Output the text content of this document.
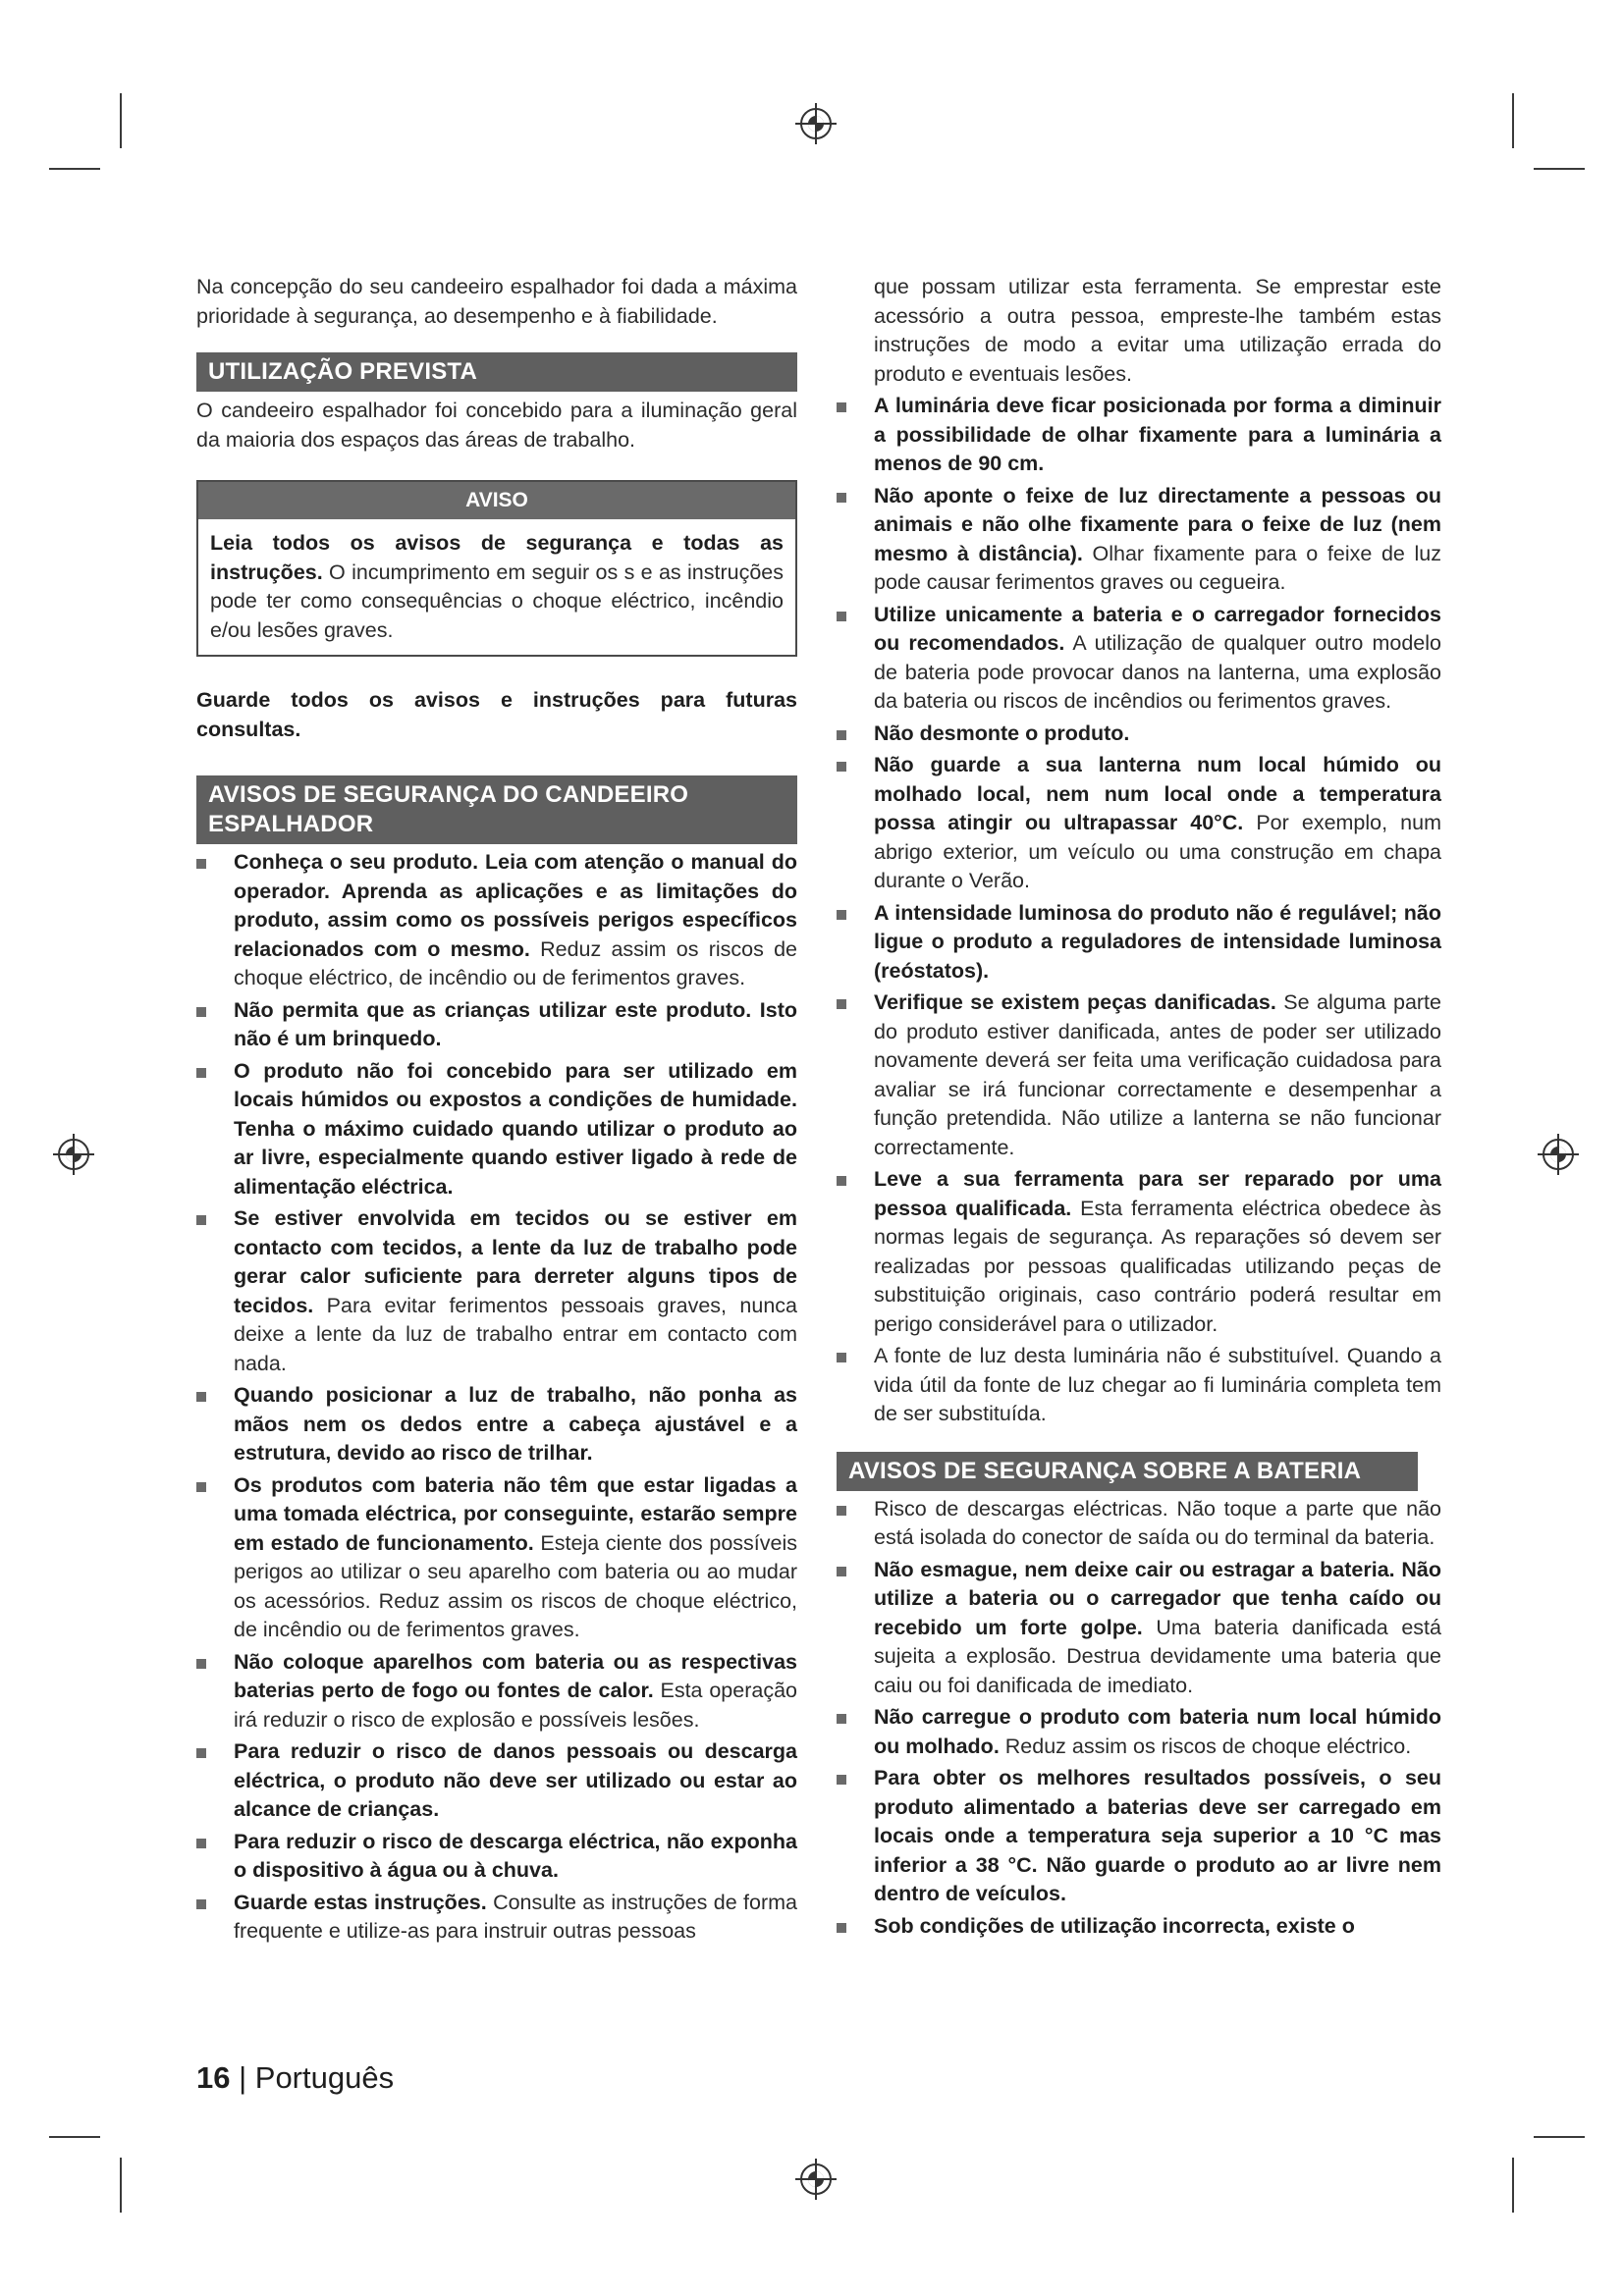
Na concepção do seu candeeiro espalhador foi dada a máxima prioridade à segurança, ao desempenho e à fiabilidade.

UTILIZAÇÃO PREVISTA

O candeeiro espalhador foi concebido para a iluminação geral da maioria dos espaços das áreas de trabalho.

AVISO
Leia todos os avisos de segurança e todas as instruções. O incumprimento em seguir os s e as instruções pode ter como consequências o choque eléctrico, incêndio e/ou lesões graves.

Guarde todos os avisos e instruções para futuras consultas.

AVISOS DE SEGURANÇA DO CANDEEIRO ESPALHADOR
Conheça o seu produto. Leia com atenção o manual do operador. Aprenda as aplicações e as limitações do produto, assim como os possíveis perigos específicos relacionados com o mesmo. Reduz assim os riscos de choque eléctrico, de incêndio ou de ferimentos graves.
Não permita que as crianças utilizar este produto. Isto não é um brinquedo.
O produto não foi concebido para ser utilizado em locais húmidos ou expostos a condições de humidade. Tenha o máximo cuidado quando utilizar o produto ao ar livre, especialmente quando estiver ligado à rede de alimentação eléctrica.
Se estiver envolvida em tecidos ou se estiver em contacto com tecidos, a lente da luz de trabalho pode gerar calor suficiente para derreter alguns tipos de tecidos. Para evitar ferimentos pessoais graves, nunca deixe a lente da luz de trabalho entrar em contacto com nada.
Quando posicionar a luz de trabalho, não ponha as mãos nem os dedos entre a cabeça ajustável e a estrutura, devido ao risco de trilhar.
Os produtos com bateria não têm que estar ligadas a uma tomada eléctrica, por conseguinte, estarão sempre em estado de funcionamento. Esteja ciente dos possíveis perigos ao utilizar o seu aparelho com bateria ou ao mudar os acessórios. Reduz assim os riscos de choque eléctrico, de incêndio ou de ferimentos graves.
Não coloque aparelhos com bateria ou as respectivas baterias perto de fogo ou fontes de calor. Esta operação irá reduzir o risco de explosão e possíveis lesões.
Para reduzir o risco de danos pessoais ou descarga eléctrica, o produto não deve ser utilizado ou estar ao alcance de crianças.
Para reduzir o risco de descarga eléctrica, não exponha o dispositivo à água ou à chuva.
Guarde estas instruções. Consulte as instruções de forma frequente e utilize-as para instruir outras pessoas

que possam utilizar esta ferramenta. Se emprestar este acessório a outra pessoa, empreste-lhe também estas instruções de modo a evitar uma utilização errada do produto e eventuais lesões.

A luminária deve ficar posicionada por forma a diminuir a possibilidade de olhar fixamente para a luminária a menos de 90 cm.
Não aponte o feixe de luz directamente a pessoas ou animais e não olhe fixamente para o feixe de luz (nem mesmo à distância). Olhar fixamente para o feixe de luz pode causar ferimentos graves ou cegueira.
Utilize unicamente a bateria e o carregador fornecidos ou recomendados. A utilização de qualquer outro modelo de bateria pode provocar danos na lanterna, uma explosão da bateria ou riscos de incêndios ou ferimentos graves.
Não desmonte o produto.
Não guarde a sua lanterna num local húmido ou molhado local, nem num local onde a temperatura possa atingir ou ultrapassar 40°C. Por exemplo, num abrigo exterior, um veículo ou uma construção em chapa durante o Verão.
A intensidade luminosa do produto não é regulável; não ligue o produto a reguladores de intensidade luminosa (reóstatos).
Verifique se existem peças danificadas. Se alguma parte do produto estiver danificada, antes de poder ser utilizado novamente deverá ser feita uma verificação cuidadosa para avaliar se irá funcionar correctamente e desempenhar a função pretendida. Não utilize a lanterna se não funcionar correctamente.
Leve a sua ferramenta para ser reparado por uma pessoa qualificada. Esta ferramenta eléctrica obedece às normas legais de segurança. As reparações só devem ser realizadas por pessoas qualificadas utilizando peças de substituição originais, caso contrário poderá resultar em perigo considerável para o utilizador.
A fonte de luz desta luminária não é substituível. Quando a vida útil da fonte de luz chegar ao fi luminária completa tem de ser substituída.
AVISOS DE SEGURANÇA SOBRE A BATERIA
Risco de descargas eléctricas. Não toque a parte que não está isolada do conector de saída ou do terminal da bateria.
Não esmague, nem deixe cair ou estragar a bateria. Não utilize a bateria ou o carregador que tenha caído ou recebido um forte golpe. Uma bateria danificada está sujeita a explosão. Destrua devidamente uma bateria que caiu ou foi danificada de imediato.
Não carregue o produto com bateria num local húmido ou molhado. Reduz assim os riscos de choque eléctrico.
Para obter os melhores resultados possíveis, o seu produto alimentado a baterias deve ser carregado em locais onde a temperatura seja superior a 10 °C mas inferior a 38 °C. Não guarde o produto ao ar livre nem dentro de veículos.
Sob condições de utilização incorrecta, existe o
16 | Português
